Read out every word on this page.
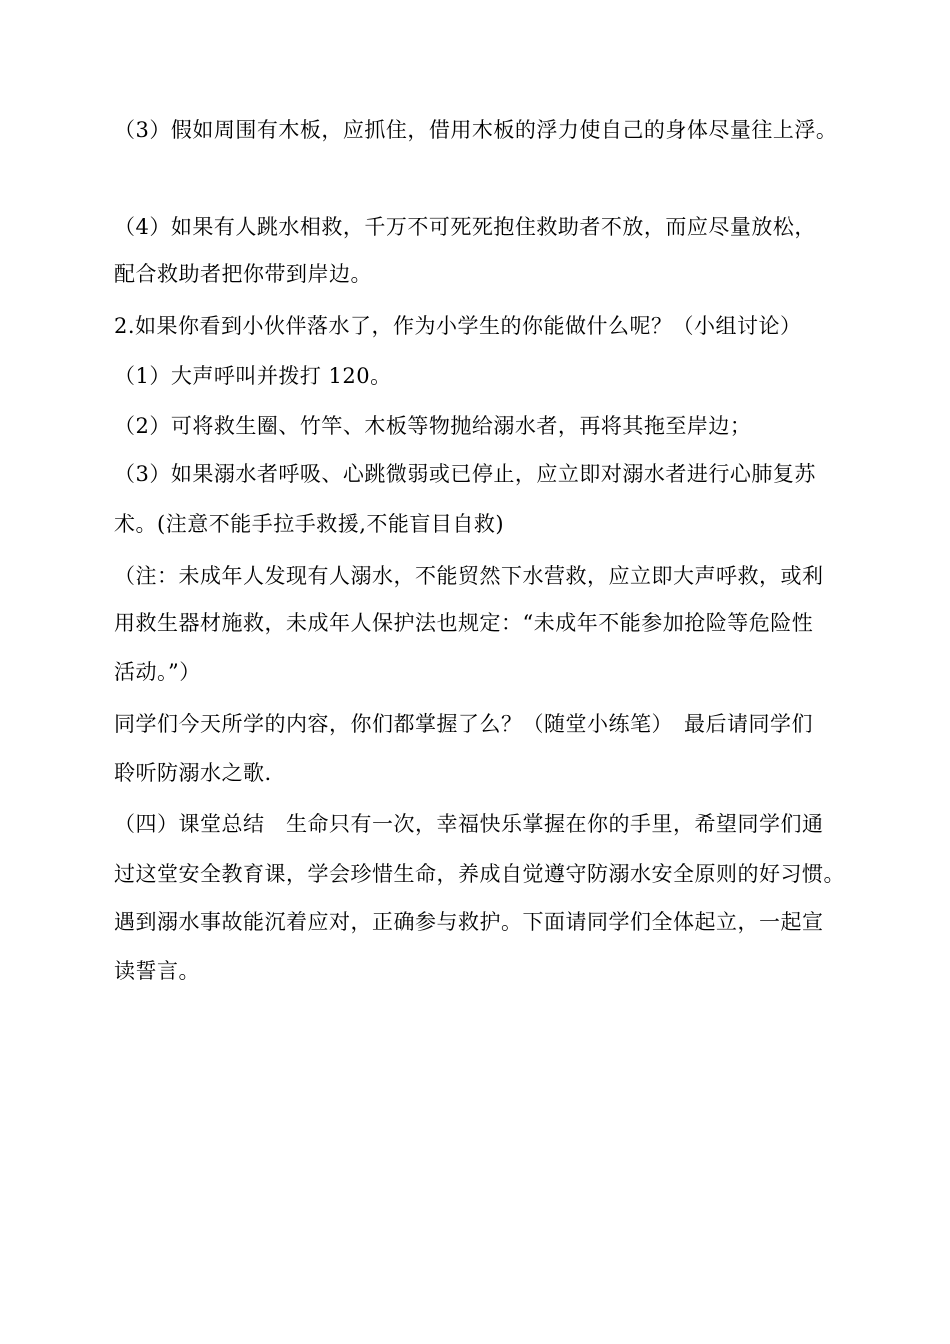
（3）假如周围有木板，应抓住，借用木板的浮力使自己的身体尽量往上浮。

（4）如果有人跳水相救，千万不可死死抱住救助者不放，而应尽量放松，

配合救助者把你带到岸边。

2.如果你看到小伙伴落水了，作为小学生的你能做什么呢？（小组讨论）

（1）大声呼叫并拨打 120。

（2）可将救生圈、竹竿、木板等物抛给溺水者，再将其拖至岸边；

（3）如果溺水者呼吸、心跳微弱或已停止，应立即对溺水者进行心肺复苏

术。(注意不能手拉手救援,不能盲目自救)

（注：未成年人发现有人溺水，不能贸然下水营救，应立即大声呼救，或利

用救生器材施救，未成年人保护法也规定：“未成年不能参加抢险等危险性

活动。”）

同学们今天所学的内容，你们都掌握了么？（随堂小练笔）　最后请同学们

聆听防溺水之歌.

（四）课堂总结　生命只有一次，幸福快乐掌握在你的手里，希望同学们通

过这堂安全教育课，学会珍惜生命，养成自觉遵守防溺水安全原则的好习惯。

遇到溺水事故能沉着应对，正确参与救护。下面请同学们全体起立，一起宣

读誓言。
